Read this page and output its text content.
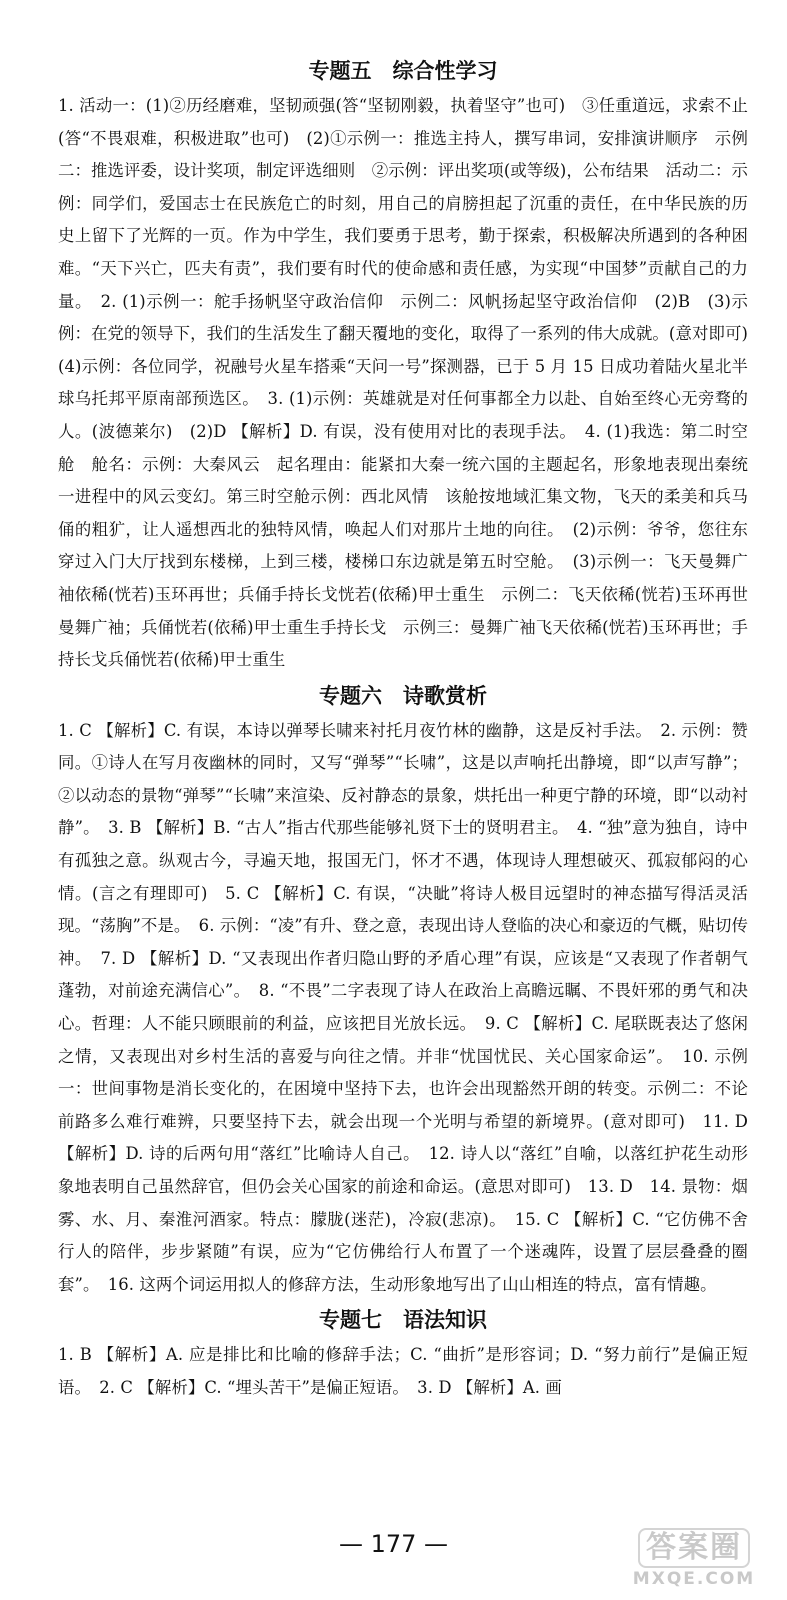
专题五　综合性学习

1. 活动一：(1)②历经磨难，坚韧顽强(答“坚韧刚毅，执着坚守”也可)　③任重道远，求索不止(答“不畏艰难，积极进取”也可)　(2)①示例一：推选主持人，撰写串词，安排演讲顺序　示例二：推选评委，设计奖项，制定评选细则　②示例：评出奖项(或等级)，公布结果　活动二：示例：同学们，爱国志士在民族危亡的时刻，用自己的肩膀担起了沉重的责任，在中华民族的历史上留下了光辉的一页。作为中学生，我们要勇于思考，勤于探索，积极解决所遇到的各种困难。“天下兴亡，匹夫有责”，我们要有时代的使命感和责任感，为实现“中国梦”贡献自己的力量。　2. (1)示例一：舵手扬帆坚守政治信仰　示例二：风帆扬起坚守政治信仰　(2)B　(3)示例：在党的领导下，我们的生活发生了翻天覆地的变化，取得了一系列的伟大成就。(意对即可)　(4)示例：各位同学，祝融号火星车搭乘“天问一号”探测器，已于 5 月 15 日成功着陆火星北半球乌托邦平原南部预选区。　3. (1)示例：英雄就是对任何事都全力以赴、自始至终心无旁骛的人。(波德莱尔)　(2)D 【解析】D. 有误，没有使用对比的表现手法。　4. (1)我选：第二时空舱　舱名：示例：大秦风云　起名理由：能紧扣大秦一统六国的主题起名，形象地表现出秦统一进程中的风云变幻。第三时空舱示例：西北风情　该舱按地域汇集文物，飞天的柔美和兵马俑的粗犷，让人遥想西北的独特风情，唤起人们对那片土地的向往。　(2)示例：爷爷，您往东穿过入门大厅找到东楼梯，上到三楼，楼梯口东边就是第五时空舱。　(3)示例一：飞天曼舞广袖依稀(恍若)玉环再世；兵俑手持长戈恍若(依稀)甲士重生　示例二：飞天依稀(恍若)玉环再世曼舞广袖；兵俑恍若(依稀)甲士重生手持长戈　示例三：曼舞广袖飞天依稀(恍若)玉环再世；手持长戈兵俑恍若(依稀)甲士重生

专题六　诗歌赏析

1. C 【解析】C. 有误，本诗以弹琴长啸来衬托月夜竹林的幽静，这是反衬手法。　2. 示例：赞同。①诗人在写月夜幽林的同时，又写“弹琴”“长啸”，这是以声响托出静境，即“以声写静”；②以动态的景物“弹琴”“长啸”来渲染、反衬静态的景象，烘托出一种更宁静的环境，即“以动衬静”。　3. B 【解析】B. “古人”指古代那些能够礼贤下士的贤明君主。　4. “独”意为独自，诗中有孤独之意。纵观古今，寻遍天地，报国无门，怀才不遇，体现诗人理想破灭、孤寂郁闷的心情。(言之有理即可)　5. C 【解析】C. 有误，“决眦”将诗人极目远望时的神态描写得活灵活现。“荡胸”不是。　6. 示例：“凌”有升、登之意，表现出诗人登临的决心和豪迈的气概，贴切传神。　7. D 【解析】D. “又表现出作者归隐山野的矛盾心理”有误，应该是“又表现了作者朝气蓬勃，对前途充满信心”。　8. “不畏”二字表现了诗人在政治上高瞻远瞩、不畏奸邪的勇气和决心。哲理：人不能只顾眼前的利益，应该把目光放长远。　9. C 【解析】C. 尾联既表达了悠闲之情，又表现出对乡村生活的喜爱与向往之情。并非“忧国忧民、关心国家命运”。　10. 示例一：世间事物是消长变化的，在困境中坚持下去，也许会出现豁然开朗的转变。示例二：不论前路多么难行难辨，只要坚持下去，就会出现一个光明与希望的新境界。(意对即可)　11. D 【解析】D. 诗的后两句用“落红”比喻诗人自己。　12. 诗人以“落红”自喻，以落红护花生动形象地表明自己虽然辞官，但仍会关心国家的前途和命运。(意思对即可)　13. D　14. 景物：烟雾、水、月、秦淮河酒家。特点：朦胧(迷茫)，冷寂(悲凉)。　15. C 【解析】C. “它仿佛不舍行人的陪伴，步步紧随”有误，应为“它仿佛给行人布置了一个迷魂阵，设置了层层叠叠的圈套”。　16. 这两个词运用拟人的修辞方法，生动形象地写出了山山相连的特点，富有情趣。

专题七　语法知识

1. B 【解析】A. 应是排比和比喻的修辞手法；C. “曲折”是形容词；D. “努力前行”是偏正短语。　2. C 【解析】C. “埋头苦干”是偏正短语。　3. D 【解析】A. 画

— 177 —	答案圈
MXQE.COM
